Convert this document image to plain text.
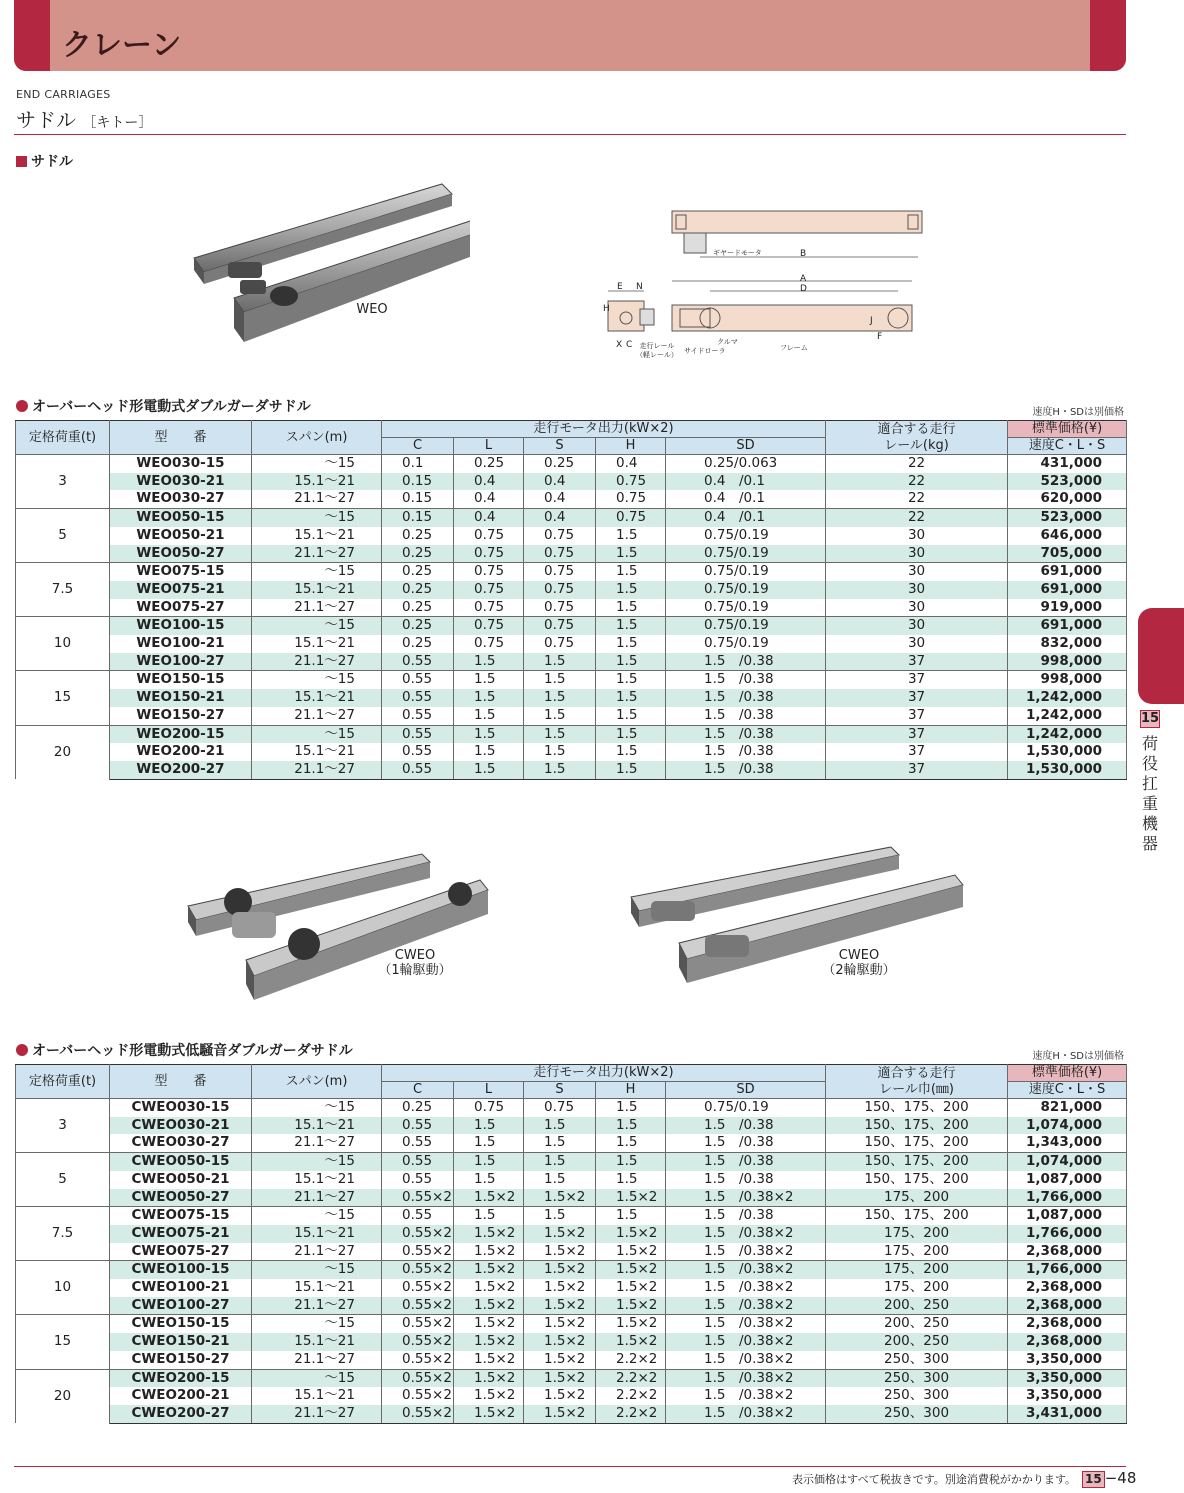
クレーン
END CARRIAGES
サドル ［キトー］
サドル
WEO
ギヤードモータ	B
A
D
E N
H
J
F
X C	クルマ
サイドローラ	フレーム
走行レール
（軽レール）
オーバーヘッド形電動式ダブルガーダサドル	速度H・SDは別価格
定格荷重(t)	型　　番	スパン(m)	走行モータ出力(kW×2)					適合する走行
レール(kg)	標準価格(¥)
			C	L	S	H	SD		速度C・L・S
3	WEO030-15	～15	0.1	0.25	0.25	0.4	0.25/0.063	22	431,000
	WEO030-21	15.1～21	0.15	0.4	0.4	0.75	0.4　/0.1	22	523,000
	WEO030-27	21.1～27	0.15	0.4	0.4	0.75	0.4　/0.1	22	620,000
5	WEO050-15	～15	0.15	0.4	0.4	0.75	0.4　/0.1	22	523,000
	WEO050-21	15.1～21	0.25	0.75	0.75	1.5	0.75/0.19	30	646,000
	WEO050-27	21.1～27	0.25	0.75	0.75	1.5	0.75/0.19	30	705,000
7.5	WEO075-15	～15	0.25	0.75	0.75	1.5	0.75/0.19	30	691,000
	WEO075-21	15.1～21	0.25	0.75	0.75	1.5	0.75/0.19	30	691,000
	WEO075-27	21.1～27	0.25	0.75	0.75	1.5	0.75/0.19	30	919,000
10	WEO100-15	～15	0.25	0.75	0.75	1.5	0.75/0.19	30	691,000
	WEO100-21	15.1～21	0.25	0.75	0.75	1.5	0.75/0.19	30	832,000
	WEO100-27	21.1～27	0.55	1.5	1.5	1.5	1.5　/0.38	37	998,000
15	WEO150-15	～15	0.55	1.5	1.5	1.5	1.5　/0.38	37	998,000
	WEO150-21	15.1～21	0.55	1.5	1.5	1.5	1.5　/0.38	37	1,242,000
	WEO150-27	21.1～27	0.55	1.5	1.5	1.5	1.5　/0.38	37	1,242,000
20	WEO200-15	～15	0.55	1.5	1.5	1.5	1.5　/0.38	37	1,242,000
	WEO200-21	15.1～21	0.55	1.5	1.5	1.5	1.5　/0.38	37	1,530,000
	WEO200-27	21.1～27	0.55	1.5	1.5	1.5	1.5　/0.38	37	1,530,000
CWEO
（1輪駆動）
CWEO
（2輪駆動）
オーバーヘッド形電動式低騒音ダブルガーダサドル	速度H・SDは別価格
定格荷重(t)	型　　番	スパン(m)	走行モータ出力(kW×2)					適合する走行
レール巾(㎜)	標準価格(¥)
			C	L	S	H	SD		速度C・L・S
3	CWEO030-15	～15	0.25	0.75	0.75	1.5	0.75/0.19	150、175、200	821,000
	CWEO030-21	15.1～21	0.55	1.5	1.5	1.5	1.5　/0.38	150、175、200	1,074,000
	CWEO030-27	21.1～27	0.55	1.5	1.5	1.5	1.5　/0.38	150、175、200	1,343,000
5	CWEO050-15	～15	0.55	1.5	1.5	1.5	1.5　/0.38	150、175、200	1,074,000
	CWEO050-21	15.1～21	0.55	1.5	1.5	1.5	1.5　/0.38	150、175、200	1,087,000
	CWEO050-27	21.1～27	0.55×2	1.5×2	1.5×2	1.5×2	1.5　/0.38×2	175、200	1,766,000
7.5	CWEO075-15	～15	0.55	1.5	1.5	1.5	1.5　/0.38	150、175、200	1,087,000
	CWEO075-21	15.1～21	0.55×2	1.5×2	1.5×2	1.5×2	1.5　/0.38×2	175、200	1,766,000
	CWEO075-27	21.1～27	0.55×2	1.5×2	1.5×2	1.5×2	1.5　/0.38×2	175、200	2,368,000
10	CWEO100-15	～15	0.55×2	1.5×2	1.5×2	1.5×2	1.5　/0.38×2	175、200	1,766,000
	CWEO100-21	15.1～21	0.55×2	1.5×2	1.5×2	1.5×2	1.5　/0.38×2	175、200	2,368,000
	CWEO100-27	21.1～27	0.55×2	1.5×2	1.5×2	1.5×2	1.5　/0.38×2	200、250	2,368,000
15	CWEO150-15	～15	0.55×2	1.5×2	1.5×2	1.5×2	1.5　/0.38×2	200、250	2,368,000
	CWEO150-21	15.1～21	0.55×2	1.5×2	1.5×2	1.5×2	1.5　/0.38×2	200、250	2,368,000
	CWEO150-27	21.1～27	0.55×2	1.5×2	1.5×2	2.2×2	1.5　/0.38×2	250、300	3,350,000
20	CWEO200-15	～15	0.55×2	1.5×2	1.5×2	2.2×2	1.5　/0.38×2	250、300	3,350,000
	CWEO200-21	15.1～21	0.55×2	1.5×2	1.5×2	2.2×2	1.5　/0.38×2	250、300	3,350,000
	CWEO200-27	21.1～27	0.55×2	1.5×2	1.5×2	2.2×2	1.5　/0.38×2	250、300	3,431,000
15
荷
役
扛
重
機
器
表示価格はすべて税抜きです。別途消費税がかかります。 15 −48
